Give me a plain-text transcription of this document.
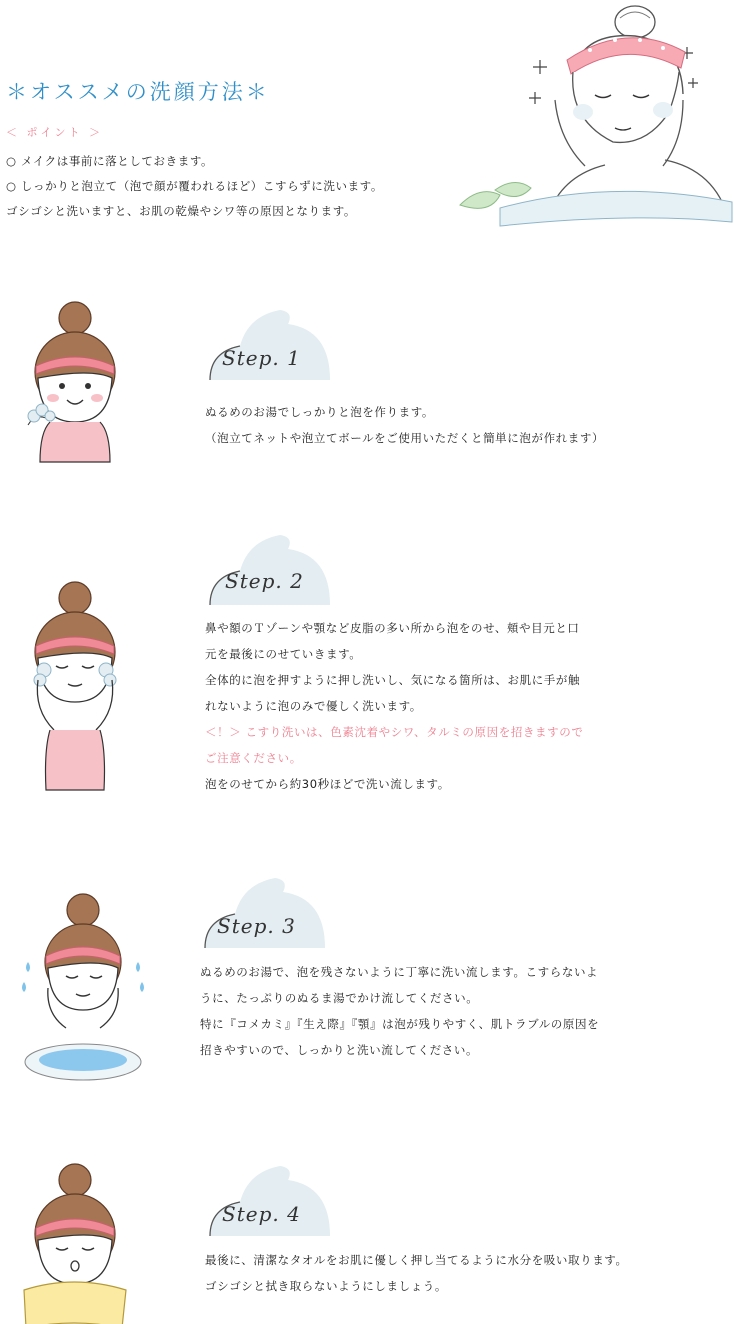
＊オススメの洗顔方法＊
＜ ポイント ＞
○ メイクは事前に落としておきます。
○ しっかりと泡立て（泡で顔が覆われるほど）こすらずに洗います。
ゴシゴシと洗いますと、お肌の乾燥やシワ等の原因となります。
Step. 1
ぬるめのお湯でしっかりと泡を作ります。
（泡立てネットや泡立てボールをご使用いただくと簡単に泡が作れます）
Step. 2
鼻や額のＴゾーンや顎など皮脂の多い所から泡をのせ、頬や目元と口
元を最後にのせていきます。
全体的に泡を押すように押し洗いし、気になる箇所は、お肌に手が触
れないように泡のみで優しく洗います。
＜！＞ こすり洗いは、色素沈着やシワ、タルミの原因を招きますので
ご注意ください。
泡をのせてから約30秒ほどで洗い流します。
Step. 3
ぬるめのお湯で、泡を残さないように丁寧に洗い流します。こすらないよ
うに、たっぷりのぬるま湯でかけ流してください。
特に『コメカミ』『生え際』『顎』は泡が残りやすく、肌トラブルの原因を
招きやすいので、しっかりと洗い流してください。
Step. 4
最後に、清潔なタオルをお肌に優しく押し当てるように水分を吸い取ります。
ゴシゴシと拭き取らないようにしましょう。
